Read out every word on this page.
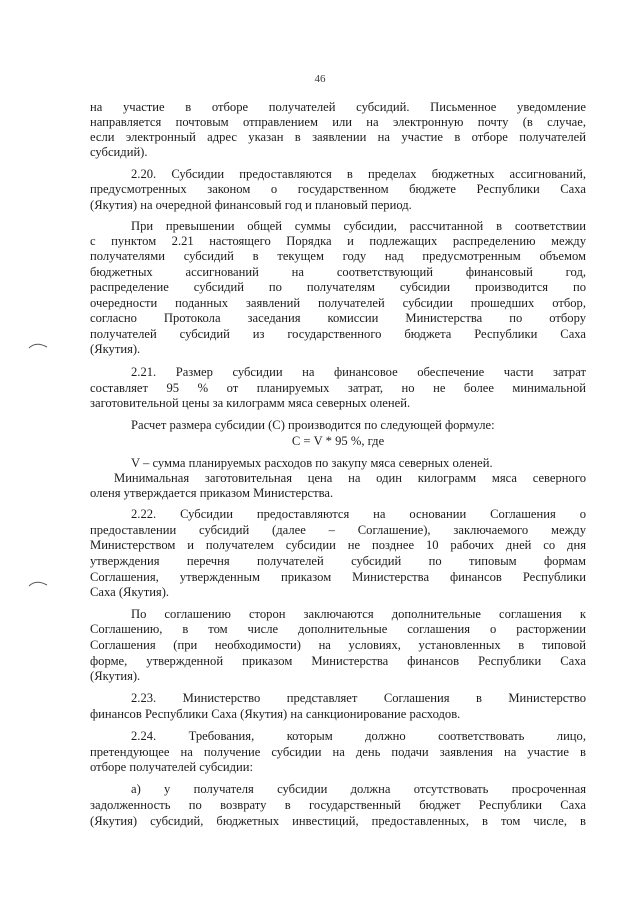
46
на участие в отборе получателей субсидий. Письменное уведомление
направляется почтовым отправлением или на электронную почту (в случае,
если электронный адрес указан в заявлении на участие в отборе получателей
субсидий).
2.20. Субсидии предоставляются в пределах бюджетных ассигнований,
предусмотренных законом о государственном бюджете Республики Саха
(Якутия) на очередной финансовый год и плановый период.
При превышении общей суммы субсидии, рассчитанной в соответствии
с пунктом 2.21 настоящего Порядка и подлежащих распределению между
получателями субсидий в текущем году над предусмотренным объемом
бюджетных ассигнований на соответствующий финансовый год,
распределение субсидий по получателям субсидии производится по
очередности поданных заявлений получателей субсидии прошедших отбор,
согласно Протокола заседания комиссии Министерства по отбору
получателей субсидий из государственного бюджета Республики Саха
(Якутия).
2.21. Размер субсидии на финансовое обеспечение части затрат
составляет 95 % от планируемых затрат, но не более минимальной
заготовительной цены за килограмм мяса северных оленей.
Расчет размера субсидии (С) производится по следующей формуле:
С = V * 95 %, где
V – сумма планируемых расходов по закупу мяса северных оленей.
Минимальная заготовительная цена на один килограмм мяса северного
оленя утверждается приказом Министерства.
2.22. Субсидии предоставляются на основании Соглашения о
предоставлении субсидий (далее – Соглашение), заключаемого между
Министерством и получателем субсидии не позднее 10 рабочих дней со дня
утверждения перечня получателей субсидий по типовым формам
Соглашения, утвержденным приказом Министерства финансов Республики
Саха (Якутия).
По соглашению сторон заключаются дополнительные соглашения к
Соглашению, в том числе дополнительные соглашения о расторжении
Соглашения (при необходимости) на условиях, установленных в типовой
форме, утвержденной приказом Министерства финансов Республики Саха
(Якутия).
2.23. Министерство представляет Соглашения в Министерство
финансов Республики Саха (Якутия) на санкционирование расходов.
2.24. Требования, которым должно соответствовать лицо,
претендующее на получение субсидии на день подачи заявления на участие в
отборе получателей субсидии:
а) у получателя субсидии должна отсутствовать просроченная
задолженность по возврату в государственный бюджет Республики Саха
(Якутия) субсидий, бюджетных инвестиций, предоставленных, в том числе, в
